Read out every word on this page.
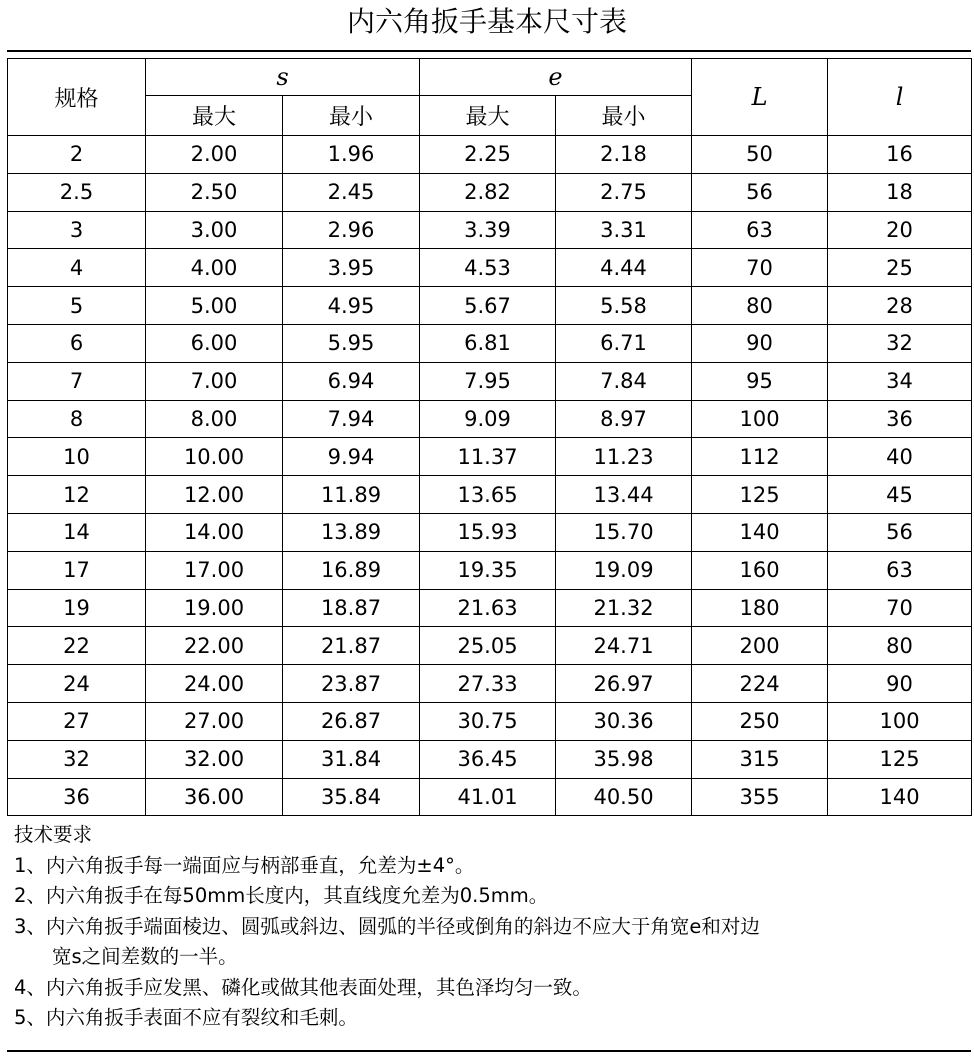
内六角扳手基本尺寸表
规格	s		e		L	l
	最大	最小	最大	最小		
2	2.00	1.96	2.25	2.18	50	16
2.5	2.50	2.45	2.82	2.75	56	18
3	3.00	2.96	3.39	3.31	63	20
4	4.00	3.95	4.53	4.44	70	25
5	5.00	4.95	5.67	5.58	80	28
6	6.00	5.95	6.81	6.71	90	32
7	7.00	6.94	7.95	7.84	95	34
8	8.00	7.94	9.09	8.97	100	36
10	10.00	9.94	11.37	11.23	112	40
12	12.00	11.89	13.65	13.44	125	45
14	14.00	13.89	15.93	15.70	140	56
17	17.00	16.89	19.35	19.09	160	63
19	19.00	18.87	21.63	21.32	180	70
22	22.00	21.87	25.05	24.71	200	80
24	24.00	23.87	27.33	26.97	224	90
27	27.00	26.87	30.75	30.36	250	100
32	32.00	31.84	36.45	35.98	315	125
36	36.00	35.84	41.01	40.50	355	140
技术要求
1、内六角扳手每一端面应与柄部垂直，允差为±4°。
2、内六角扳手在每50mm长度内，其直线度允差为0.5mm。
3、内六角扳手端面棱边、圆弧或斜边、圆弧的半径或倒角的斜边不应大于角宽e和对边
宽s之间差数的一半。
4、内六角扳手应发黑、磷化或做其他表面处理，其色泽均匀一致。
5、内六角扳手表面不应有裂纹和毛刺。
